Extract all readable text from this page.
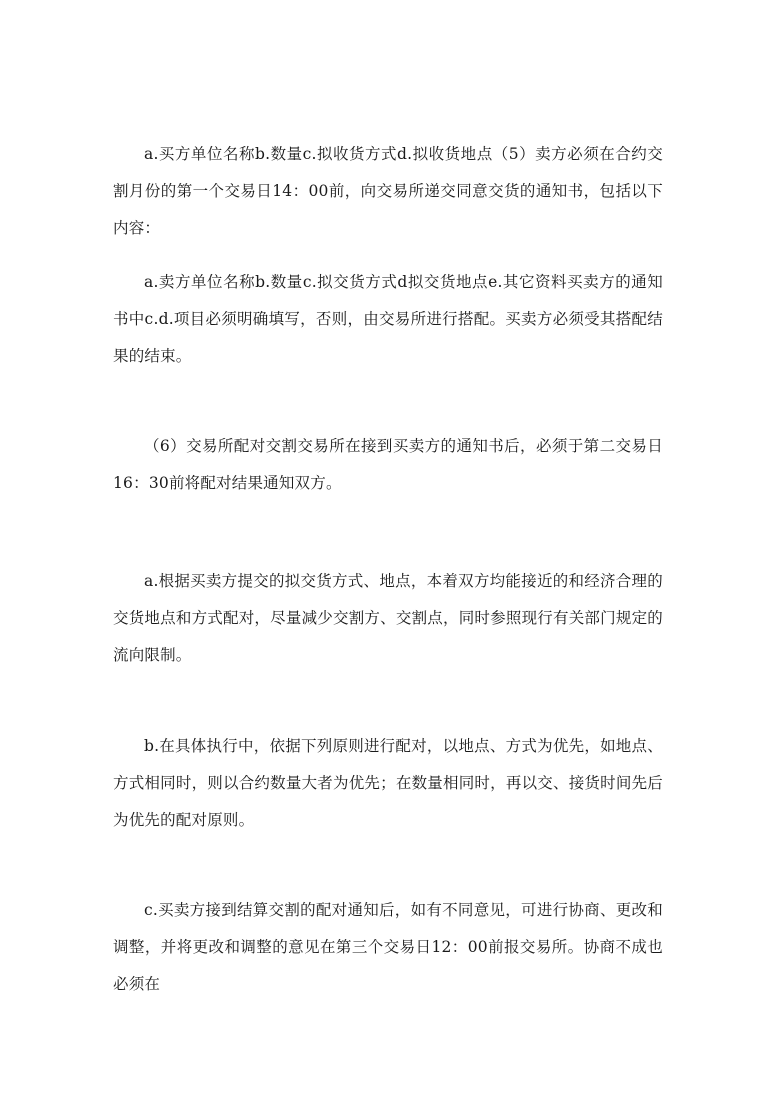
a.买方单位名称b.数量c.拟收货方式d.拟收货地点（5）卖方必须在合约交割月份的第一个交易日14：00前，向交易所递交同意交货的通知书，包括以下内容：

a.卖方单位名称b.数量c.拟交货方式d拟交货地点e.其它资料买卖方的通知书中c.d.项目必须明确填写，否则，由交易所进行搭配。买卖方必须受其搭配结果的结束。

（6）交易所配对交割交易所在接到买卖方的通知书后，必须于第二交易日16：30前将配对结果通知双方。

a.根据买卖方提交的拟交货方式、地点，本着双方均能接近的和经济合理的交货地点和方式配对，尽量减少交割方、交割点，同时参照现行有关部门规定的流向限制。

b.在具体执行中，依据下列原则进行配对，以地点、方式为优先，如地点、方式相同时，则以合约数量大者为优先；在数量相同时，再以交、接货时间先后为优先的配对原则。

c.买卖方接到结算交割的配对通知后，如有不同意见，可进行协商、更改和调整，并将更改和调整的意见在第三个交易日12：00前报交易所。协商不成也必须在
